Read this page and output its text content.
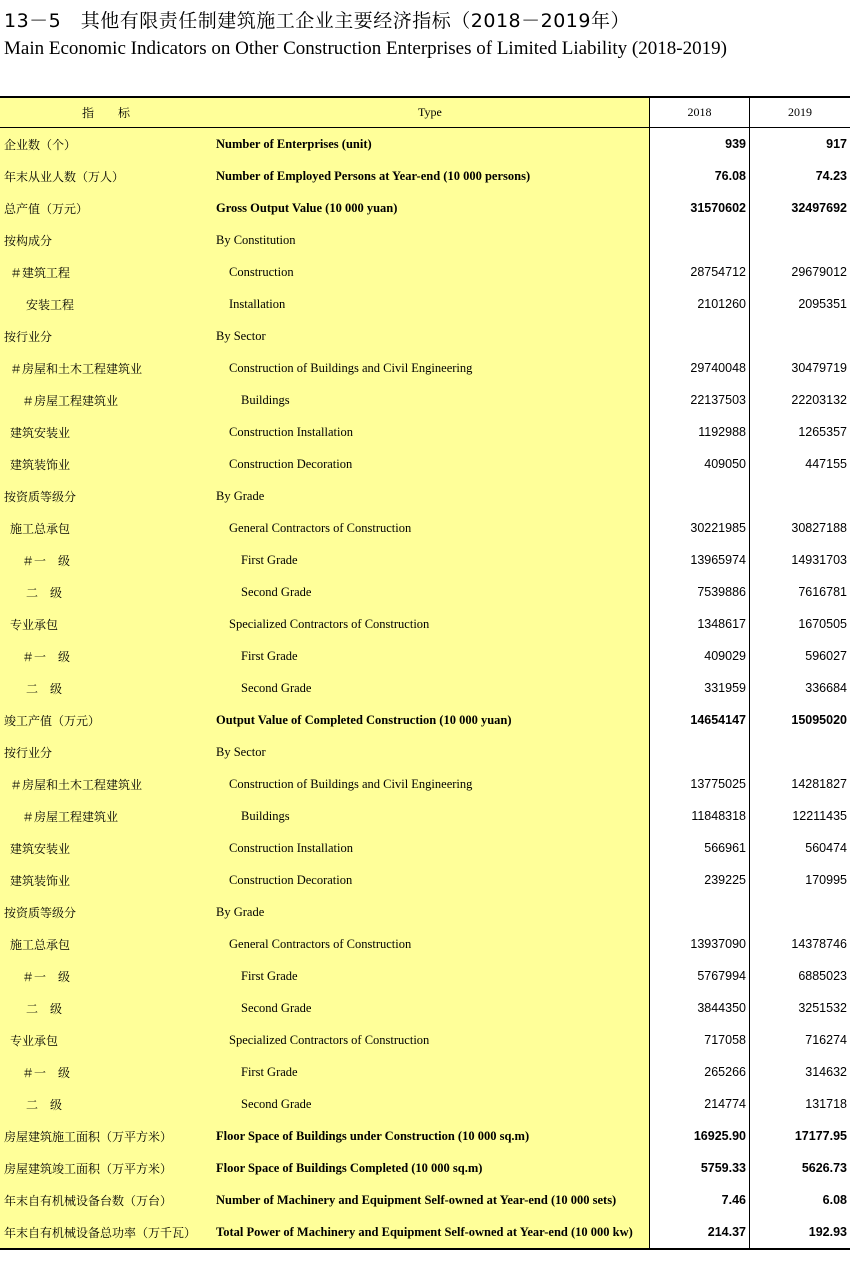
13－5　其他有限责任制建筑施工企业主要经济指标（2018－2019年）
Main Economic Indicators on Other Construction Enterprises of Limited Liability (2018-2019)
指　　标	Type	2018	2019
企业数（个）	Number of Enterprises (unit)	939	917
年末从业人数（万人）	Number of Employed Persons at Year-end (10 000 persons)	76.08	74.23
总产值（万元）	Gross Output Value (10 000 yuan)	31570602	32497692
按构成分	By Constitution
＃建筑工程	Construction	28754712	29679012
安装工程	Installation	2101260	2095351
按行业分	By Sector
＃房屋和土木工程建筑业	Construction of Buildings and Civil Engineering	29740048	30479719
＃房屋工程建筑业	Buildings	22137503	22203132
建筑安装业	Construction Installation	1192988	1265357
建筑装饰业	Construction Decoration	409050	447155
按资质等级分	By Grade
施工总承包	General Contractors of Construction	30221985	30827188
＃一　级	First Grade	13965974	14931703
二　级	Second Grade	7539886	7616781
专业承包	Specialized Contractors of Construction	1348617	1670505
＃一　级	First Grade	409029	596027
二　级	Second Grade	331959	336684
竣工产值（万元）	Output Value of Completed Construction (10 000 yuan)	14654147	15095020
按行业分	By Sector
＃房屋和土木工程建筑业	Construction of Buildings and Civil Engineering	13775025	14281827
＃房屋工程建筑业	Buildings	11848318	12211435
建筑安装业	Construction Installation	566961	560474
建筑装饰业	Construction Decoration	239225	170995
按资质等级分	By Grade
施工总承包	General Contractors of Construction	13937090	14378746
＃一　级	First Grade	5767994	6885023
二　级	Second Grade	3844350	3251532
专业承包	Specialized Contractors of Construction	717058	716274
＃一　级	First Grade	265266	314632
二　级	Second Grade	214774	131718
房屋建筑施工面积（万平方米）	Floor Space of Buildings under Construction (10 000 sq.m)	16925.90	17177.95
房屋建筑竣工面积（万平方米）	Floor Space of Buildings Completed (10 000 sq.m)	5759.33	5626.73
年末自有机械设备台数（万台）	Number of Machinery and Equipment Self-owned at Year-end (10 000 sets)	7.46	6.08
年末自有机械设备总功率（万千瓦）	Total Power of Machinery and Equipment Self-owned at Year-end (10 000 kw)	214.37	192.93
